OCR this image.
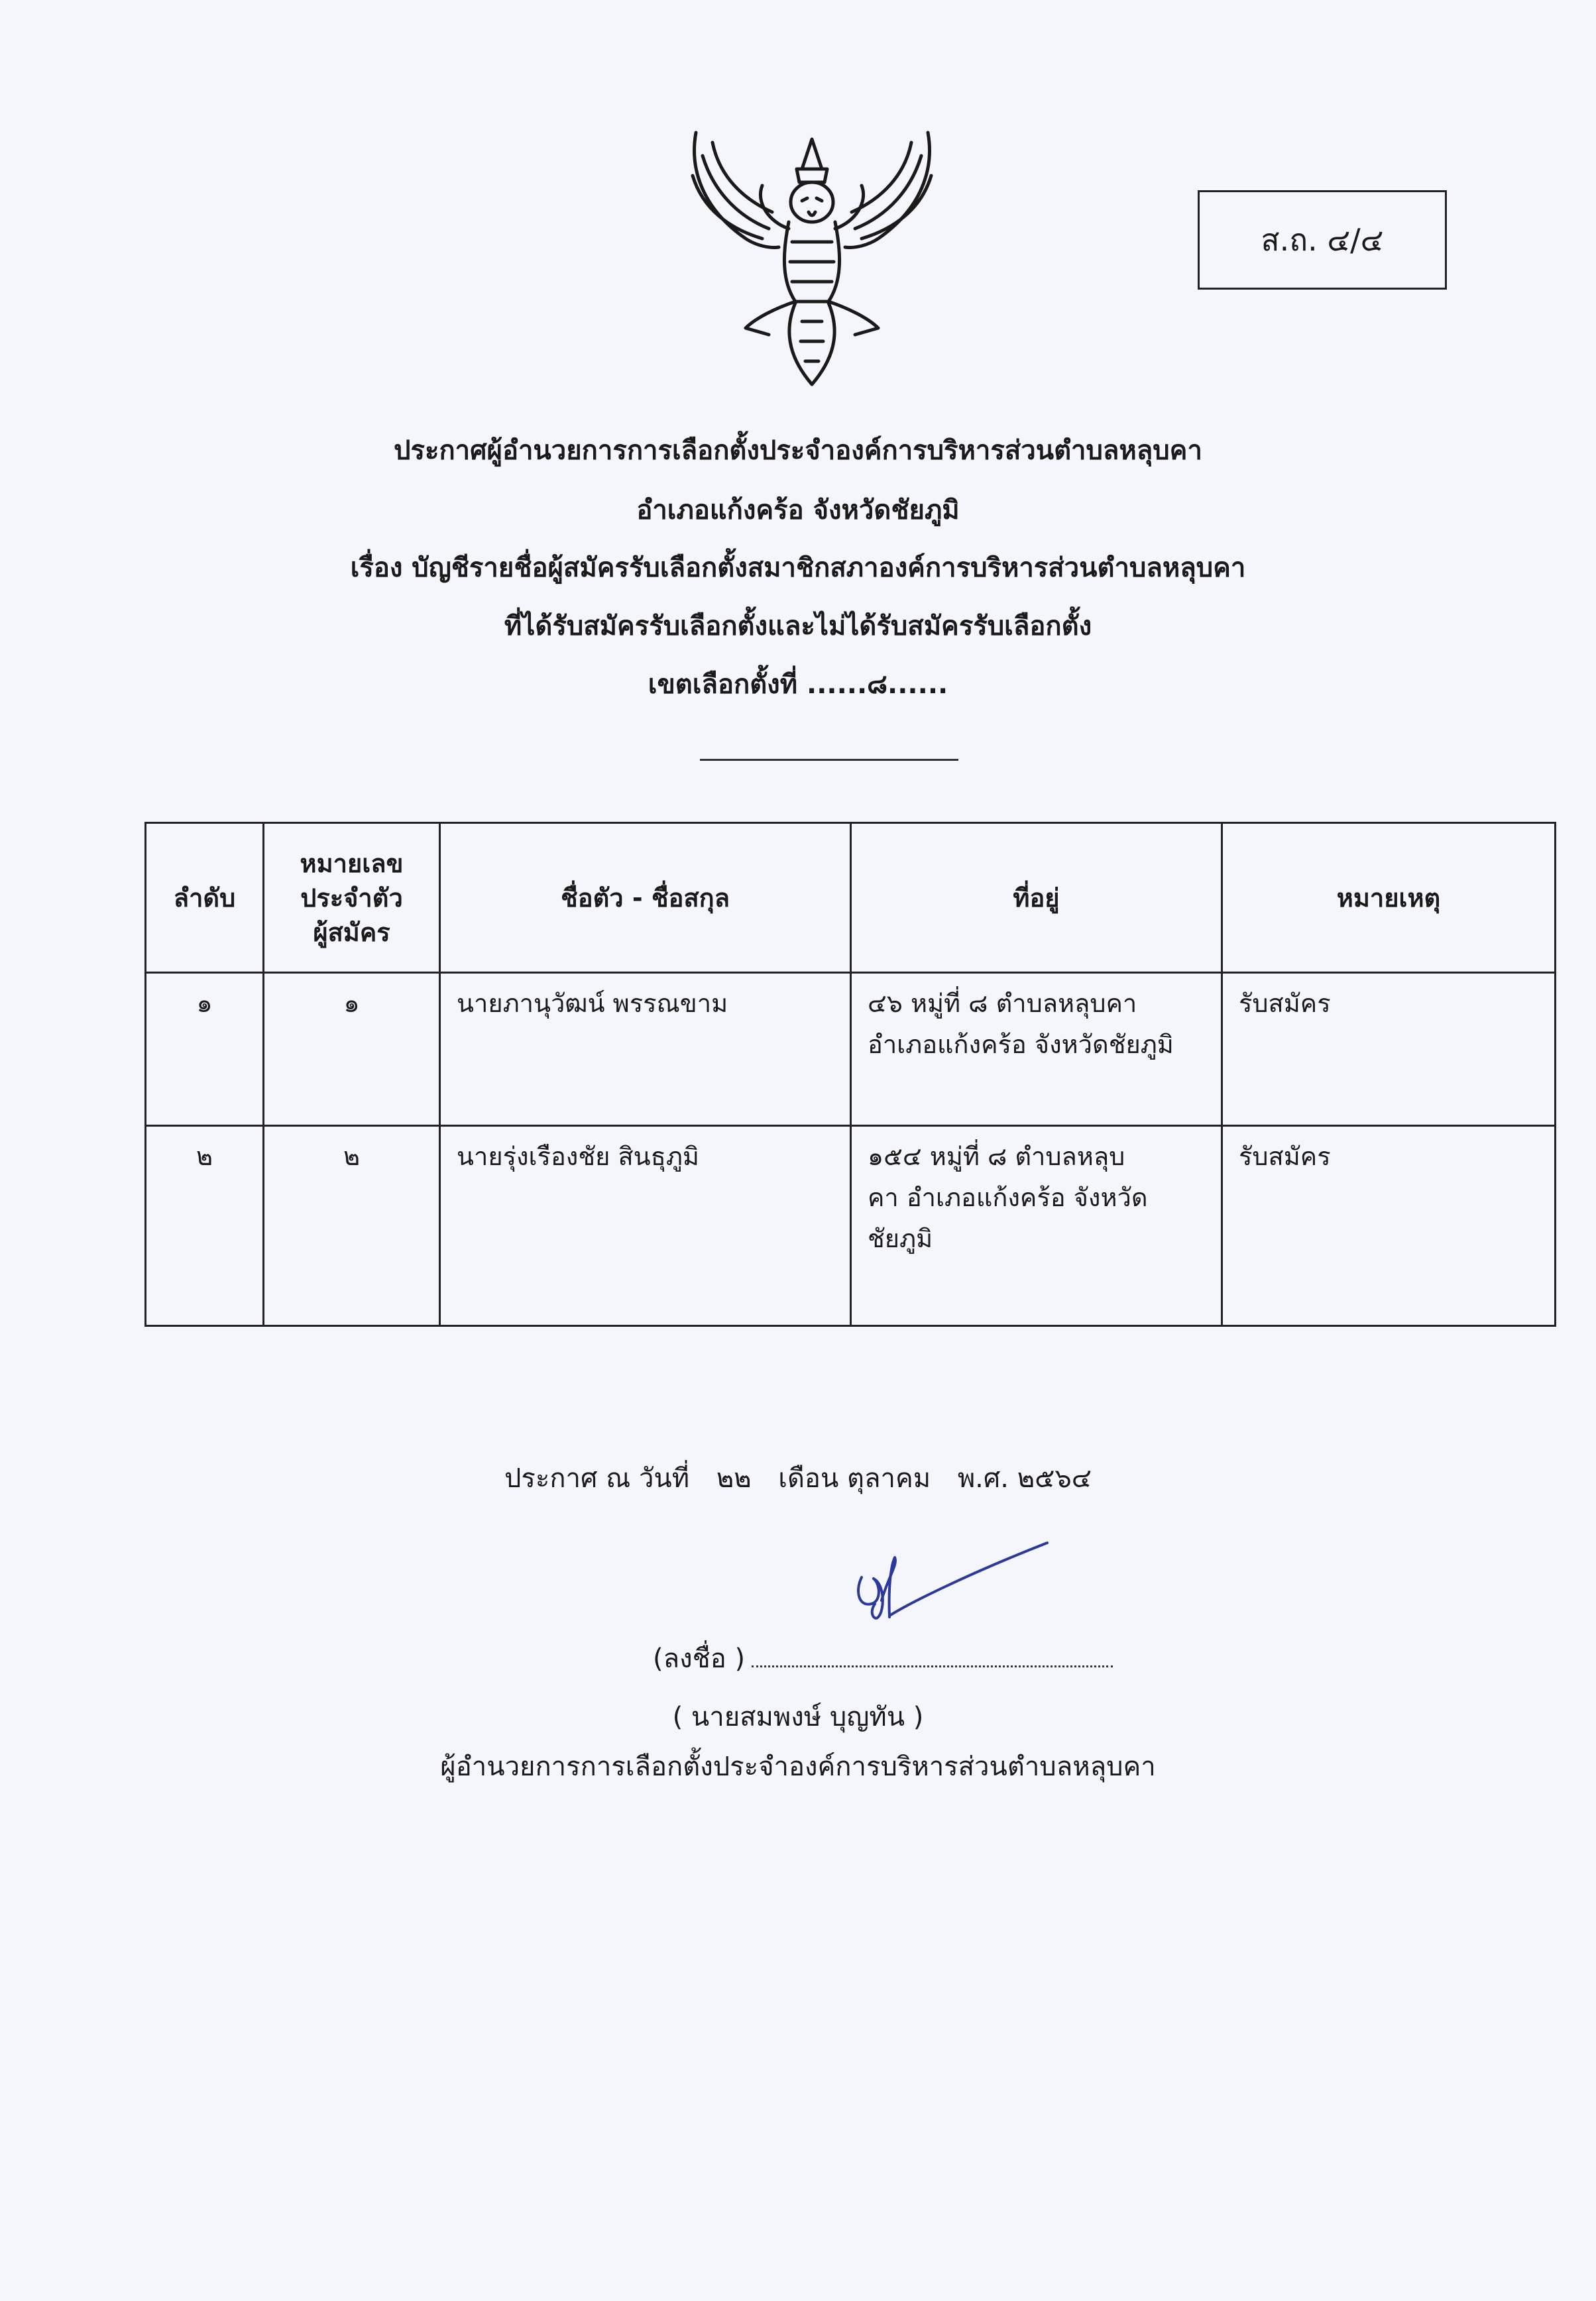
ส.ถ. ๔/๔
ประกาศผู้อำนวยการการเลือกตั้งประจำองค์การบริหารส่วนตำบลหลุบคา
อำเภอแก้งคร้อ จังหวัดชัยภูมิ
เรื่อง บัญชีรายชื่อผู้สมัครรับเลือกตั้งสมาชิกสภาองค์การบริหารส่วนตำบลหลุบคา
ที่ได้รับสมัครรับเลือกตั้งและไม่ได้รับสมัครรับเลือกตั้ง
เขตเลือกตั้งที่ ......๘......
ลำดับ	หมายเลข
ประจำตัว
ผู้สมัคร	ชื่อตัว - ชื่อสกุล	ที่อยู่	หมายเหตุ
๑	๑	นายภานุวัฒน์ พรรณขาม	๔๖ หมู่ที่ ๘ ตำบลหลุบคา
อำเภอแก้งคร้อ จังหวัดชัยภูมิ	รับสมัคร
๒	๒	นายรุ่งเรืองชัย สินธุภูมิ	๑๕๔ หมู่ที่ ๘ ตำบลหลุบ
คา อำเภอแก้งคร้อ จังหวัด
ชัยภูมิ	รับสมัคร
ประกาศ ณ วันที่ ๒๒ เดือน ตุลาคม พ.ศ. ๒๕๖๔
(ลงชื่อ )
( นายสมพงษ์ บุญทัน )
ผู้อำนวยการการเลือกตั้งประจำองค์การบริหารส่วนตำบลหลุบคา
